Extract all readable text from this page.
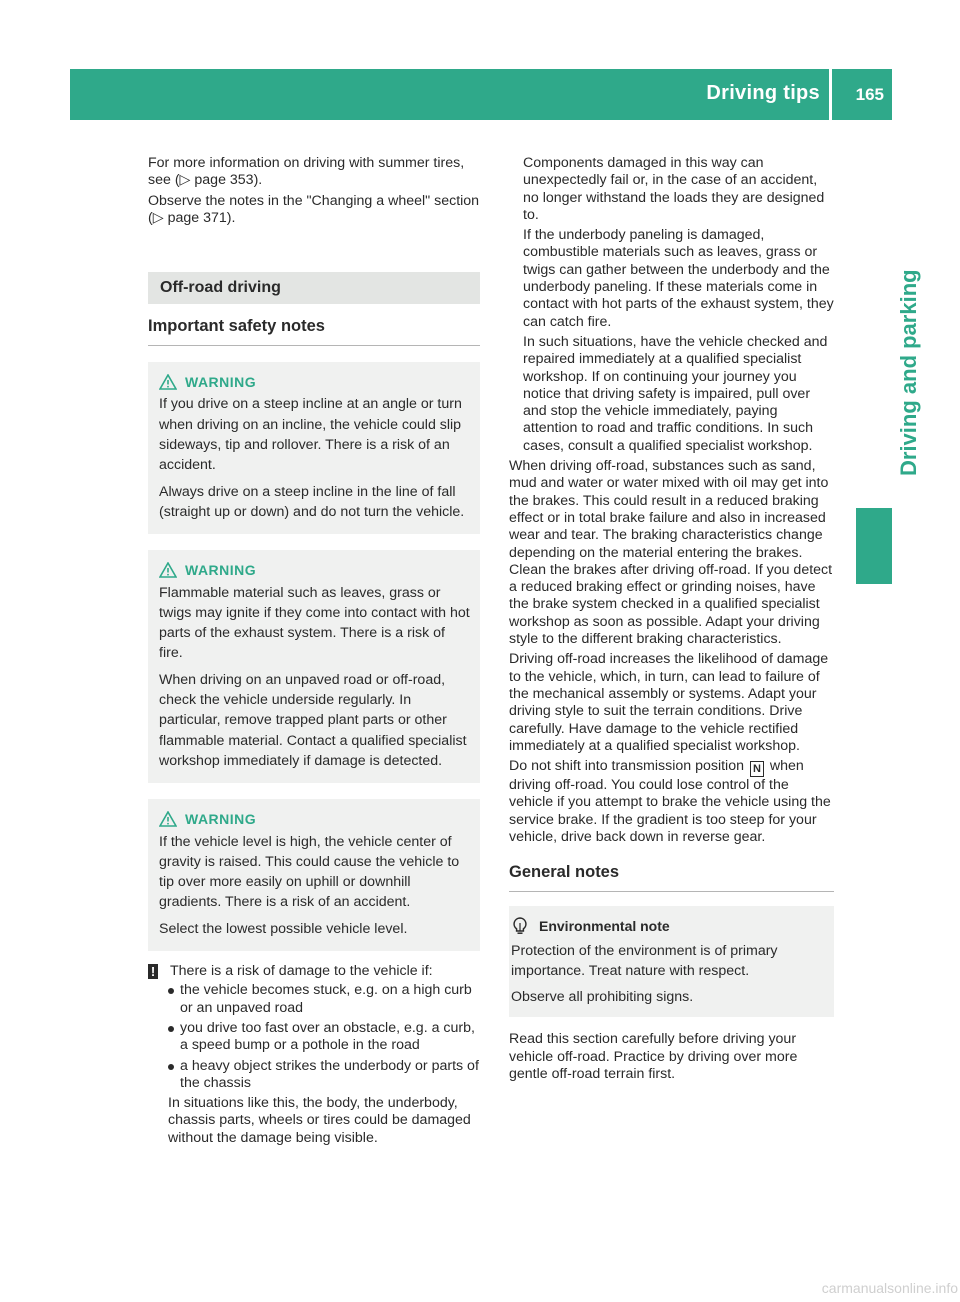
Driving tips 165
Driving and parking

For more information on driving with summer tires, see (▷ page 353).

Observe the notes in the "Changing a wheel" section (▷ page 371).

Off-road driving
Important safety notes
WARNING

If you drive on a steep incline at an angle or turn when driving on an incline, the vehicle could slip sideways, tip and rollover. There is a risk of an accident.

Always drive on a steep incline in the line of fall (straight up or down) and do not turn the vehicle.

WARNING

Flammable material such as leaves, grass or twigs may ignite if they come into contact with hot parts of the exhaust system. There is a risk of fire.

When driving on an unpaved road or off-road, check the vehicle underside regularly. In particular, remove trapped plant parts or other flammable material. Contact a qualified specialist workshop immediately if damage is detected.

WARNING

If the vehicle level is high, the vehicle center of gravity is raised. This could cause the vehicle to tip over more easily on uphill or downhill gradients. There is a risk of an accident.

Select the lowest possible vehicle level.

! There is a risk of damage to the vehicle if:
the vehicle becomes stuck, e.g. on a high curb or an unpaved road
you drive too fast over an obstacle, e.g. a curb, a speed bump or a pothole in the road
a heavy object strikes the underbody or parts of the chassis

In situations like this, the body, the underbody, chassis parts, wheels or tires could be damaged without the damage being visible.

Components damaged in this way can unexpectedly fail or, in the case of an accident, no longer withstand the loads they are designed to.

If the underbody paneling is damaged, combustible materials such as leaves, grass or twigs can gather between the underbody and the underbody paneling. If these materials come in contact with hot parts of the exhaust system, they can catch fire.

In such situations, have the vehicle checked and repaired immediately at a qualified specialist workshop. If on continuing your journey you notice that driving safety is impaired, pull over and stop the vehicle immediately, paying attention to road and traffic conditions. In such cases, consult a qualified specialist workshop.

When driving off-road, substances such as sand, mud and water or water mixed with oil may get into the brakes. This could result in a reduced braking effect or in total brake failure and also in increased wear and tear. The braking characteristics change depending on the material entering the brakes. Clean the brakes after driving off-road. If you detect a reduced braking effect or grinding noises, have the brake system checked in a qualified specialist workshop as soon as possible. Adapt your driving style to the different braking characteristics.

Driving off-road increases the likelihood of damage to the vehicle, which, in turn, can lead to failure of the mechanical assembly or systems. Adapt your driving style to suit the terrain conditions. Drive carefully. Have damage to the vehicle rectified immediately at a qualified specialist workshop.

Do not shift into transmission position N when driving off-road. You could lose control of the vehicle if you attempt to brake the vehicle using the service brake. If the gradient is too steep for your vehicle, drive back down in reverse gear.

General notes
Environmental note

Protection of the environment is of primary importance. Treat nature with respect.

Observe all prohibiting signs.

Read this section carefully before driving your vehicle off-road. Practice by driving over more gentle off-road terrain first.

carmanualsonline.info
